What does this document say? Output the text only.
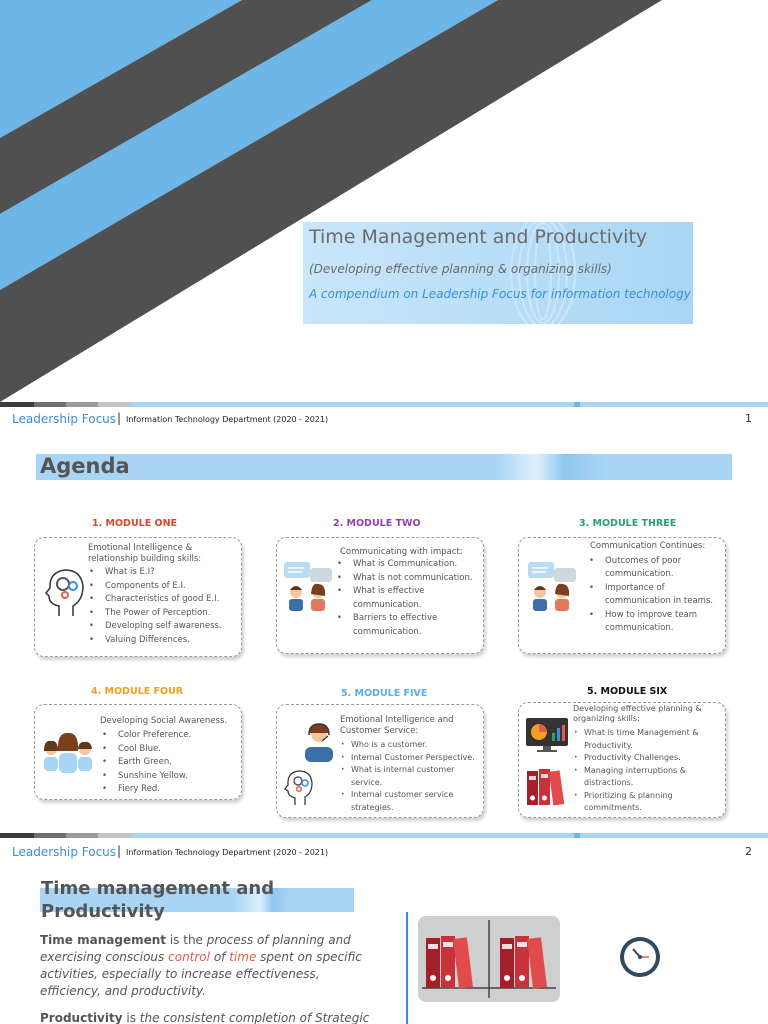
Time Management and Productivity
(Developing effective planning & organizing skills)
A compendium on Leadership Focus for information technology
Leadership Focus | Information Technology Department (2020 - 2021)	1
Agenda
1. MODULE ONE
Emotional Intelligence & relationship building skills:
• What is E.I?
• Components of E.I.
• Characteristics of good E.I.
• The Power of Perception.
• Developing self awareness.
• Valuing Differences.
2. MODULE TWO
Communicating with impact:
• What is Communication.
• What is not communication.
• What is effective communication.
• Barriers to effective communication.
3. MODULE THREE
Communication Continues:
• Outcomes of poor communication.
• Importance of communication in teams.
• How to improve team communication.
4. MODULE FOUR
Developing Social Awareness.
• Color Preference.
• Cool Blue.
• Earth Green.
• Sunshine Yellow.
• Fiery Red.
5. MODULE FIVE
Emotional Intelligence and Customer Service:
• Who is a customer.
• Internal Customer Perspective.
• What is internal customer service.
• Internal customer service strategies.
5. MODULE SIX
Developing effective planning & organizing skills:
• What is time Management & Productivity.
• Productivity Challenges.
• Managing interruptions & distractions.
• Prioritizing & planning commitments.
Leadership Focus | Information Technology Department (2020 - 2021)	2
Time management and Productivity

Time management is the process of planning and exercising conscious control of time spent on specific activities, especially to increase effectiveness, efficiency, and productivity.

Productivity is the consistent completion of Strategic
